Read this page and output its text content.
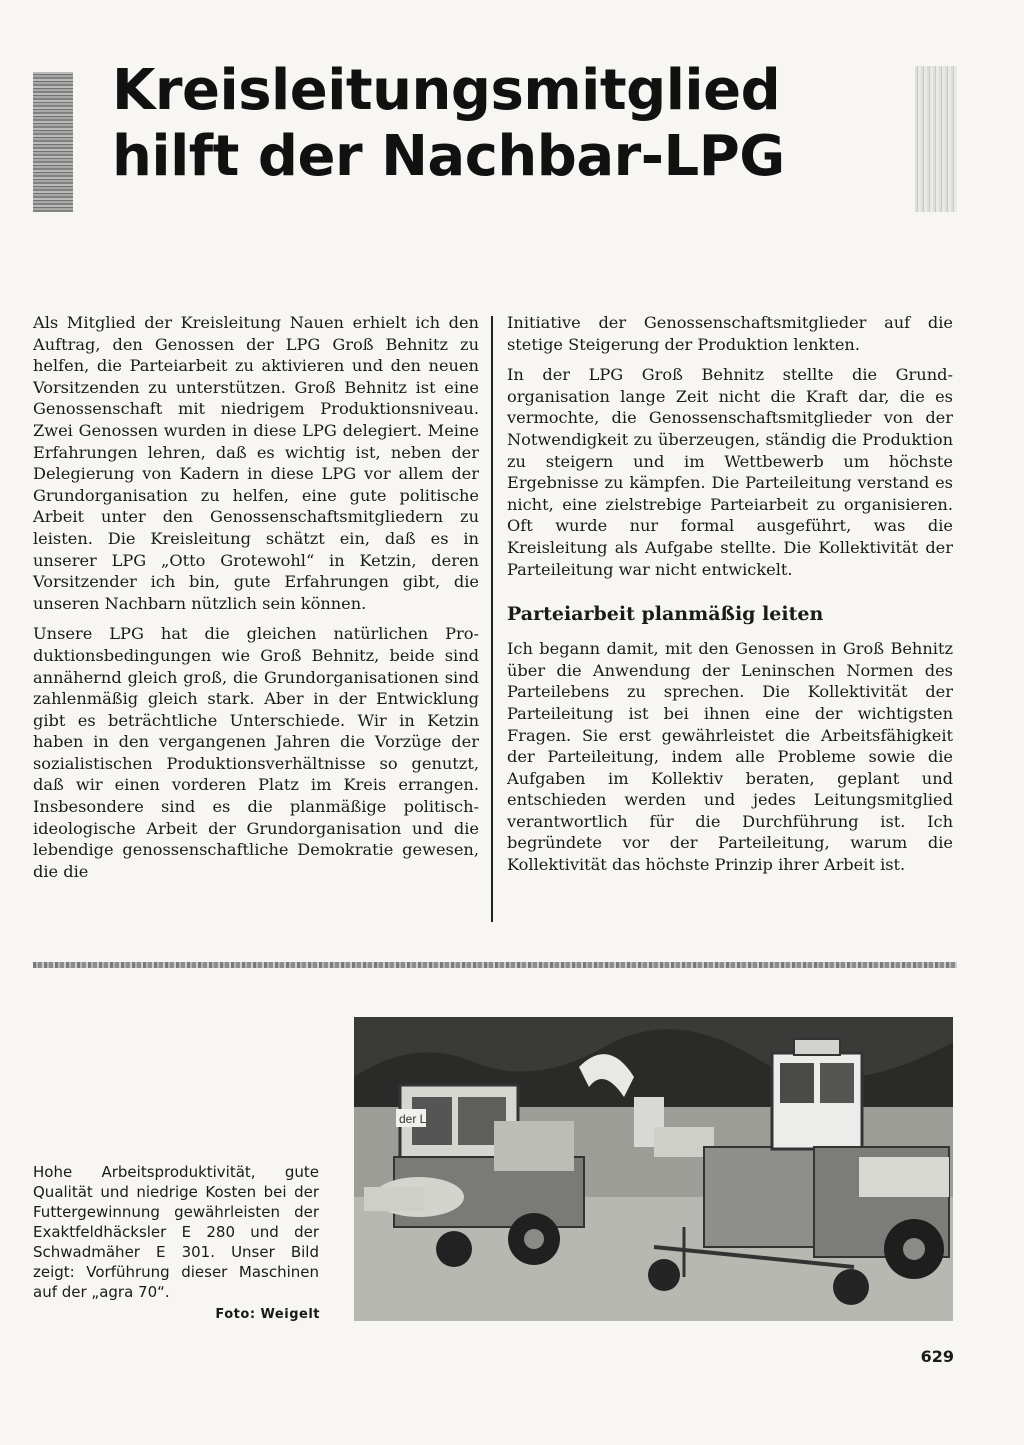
Kreisleitungsmitglied
hilft der Nachbar-LPG

Als Mitglied der Kreisleitung Nauen erhielt ich den Auftrag, den Genossen der LPG Groß Behnitz zu helfen, die Parteiarbeit zu aktivieren und den neuen Vorsitzenden zu unterstützen. Groß Behnitz ist eine Genossenschaft mit niedrigem Produktionsniveau. Zwei Genossen wurden in diese LPG delegiert. Meine Erfahrungen lehren, daß es wichtig ist, neben der Delegierung von Kadern in diese LPG vor allem der Grundorganisation zu helfen, eine gute politische Arbeit unter den Genossenschaftsmitgliedern zu leisten. Die Kreisleitung schätzt ein, daß es in unserer LPG „Otto Grotewohl“ in Ketzin, deren Vorsitzender ich bin, gute Erfahrungen gibt, die unseren Nachbarn nützlich sein können.

Unsere LPG hat die gleichen natürlichen Produktionsbedingungen wie Groß Behnitz, beide sind annähernd gleich groß, die Grundorganisationen sind zahlenmäßig gleich stark. Aber in der Entwicklung gibt es beträchtliche Unterschiede. Wir in Ketzin haben in den vergangenen Jahren die Vorzüge der sozialistischen Produktionsverhältnisse so genutzt, daß wir einen vorderen Platz im Kreis errangen. Insbesondere sind es die planmäßige politisch-ideologische Arbeit der Grundorganisation und die lebendige genossenschaftliche Demokratie gewesen, die die

Initiative der Genossenschaftsmitglieder auf die stetige Steigerung der Produktion lenkten.

In der LPG Groß Behnitz stellte die Grundorganisation lange Zeit nicht die Kraft dar, die es vermochte, die Genossenschaftsmitglieder von der Notwendigkeit zu überzeugen, ständig die Produktion zu steigern und im Wettbewerb um höchste Ergebnisse zu kämpfen. Die Parteileitung verstand es nicht, eine zielstrebige Parteiarbeit zu organisieren. Oft wurde nur formal ausgeführt, was die Kreisleitung als Aufgabe stellte. Die Kollektivität der Parteileitung war nicht entwickelt.

Parteiarbeit planmäßig leiten

Ich begann damit, mit den Genossen in Groß Behnitz über die Anwendung der Leninschen Normen des Parteilebens zu sprechen. Die Kollektivität der Parteileitung ist bei ihnen eine der wichtigsten Fragen. Sie erst gewährleistet die Arbeitsfähigkeit der Parteileitung, indem alle Probleme sowie die Aufgaben im Kollektiv beraten, geplant und entschieden werden und jedes Leitungsmitglied verantwortlich für die Durchführung ist. Ich begründete vor der Parteileitung, warum die Kollektivität das höchste Prinzip ihrer Arbeit ist.

der L
Hohe Arbeitsproduktivität, gute Qualität und niedrige Kosten bei der Futtergewinnung gewährleisten der Exaktfeldhäcksler E 280 und der Schwadmäher E 301. Unser Bild zeigt: Vorführung dieser Maschinen auf der „agra 70“.
Foto: Weigelt
629
